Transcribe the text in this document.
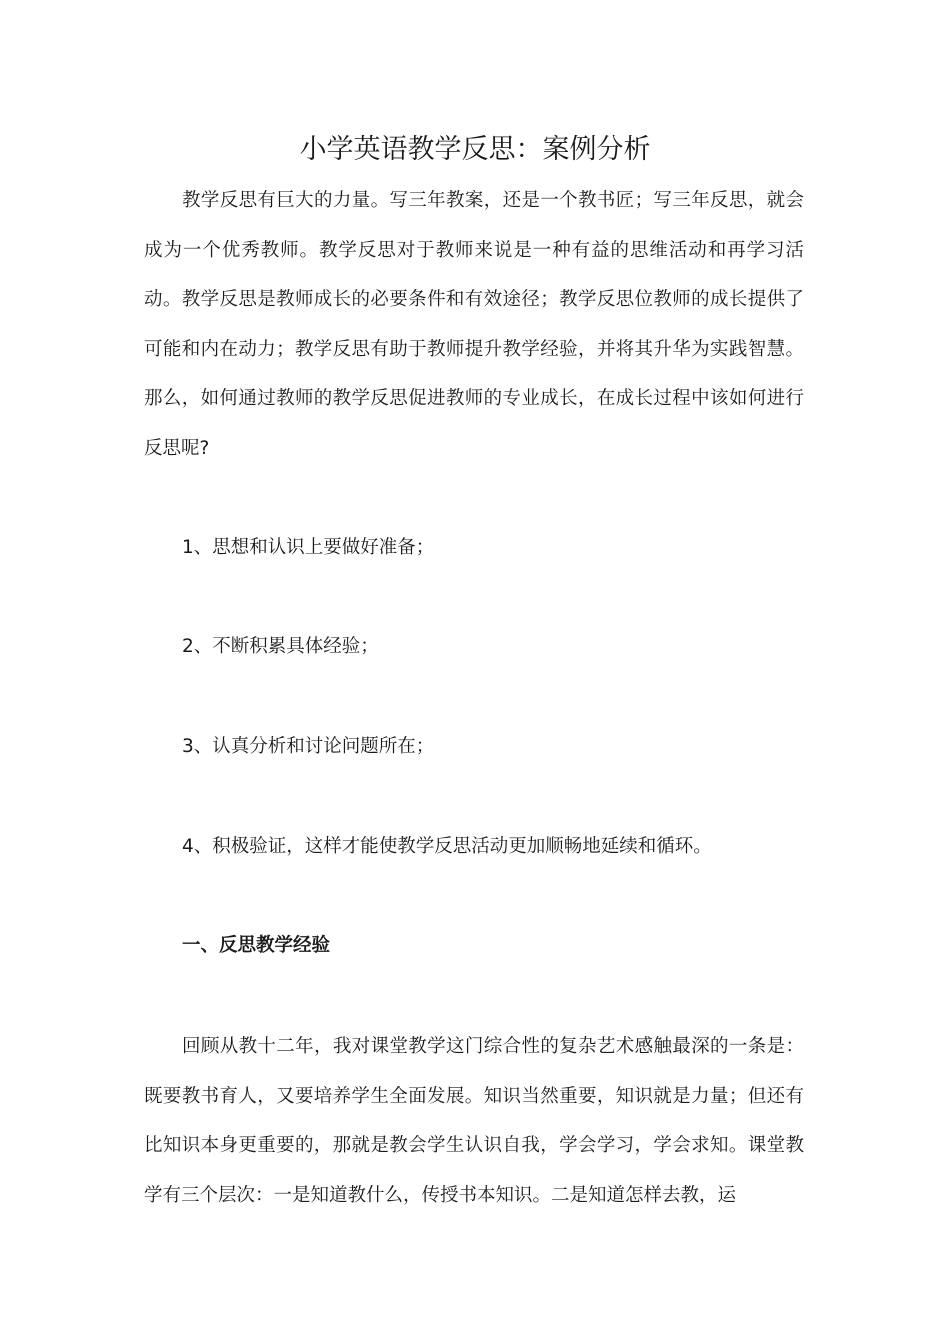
小学英语教学反思：案例分析

教学反思有巨大的力量。写三年教案，还是一个教书匠；写三年反思，就会成为一个优秀教师。教学反思对于教师来说是一种有益的思维活动和再学习活动。教学反思是教师成长的必要条件和有效途径；教学反思位教师的成长提供了可能和内在动力；教学反思有助于教师提升教学经验，并将其升华为实践智慧。那么，如何通过教师的教学反思促进教师的专业成长，在成长过程中该如何进行反思呢?

1、思想和认识上要做好准备；

2、不断积累具体经验；

3、认真分析和讨论问题所在；

4、积极验证，这样才能使教学反思活动更加顺畅地延续和循环。

一、反思教学经验

回顾从教十二年，我对课堂教学这门综合性的复杂艺术感触最深的一条是：既要教书育人，又要培养学生全面发展。知识当然重要，知识就是力量；但还有比知识本身更重要的，那就是教会学生认识自我，学会学习，学会求知。课堂教学有三个层次：一是知道教什么，传授书本知识。二是知道怎样去教，运
